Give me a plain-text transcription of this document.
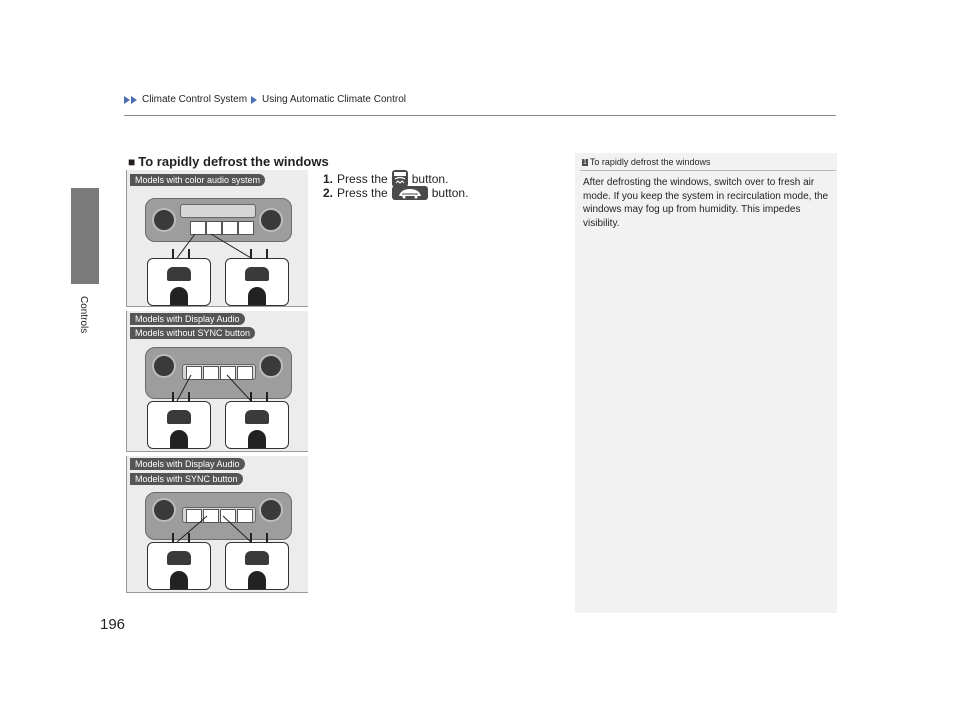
Climate Control System Using Automatic Climate Control
Controls
196
■ To rapidly defrost the windows
1. Press the button.
2. Press the	button.
Models with color audio system
Models with Display Audio
Models without SYNC button
Models with Display Audio
Models with SYNC button
1 To rapidly defrost the windows
After defrosting the windows, switch over to fresh air mode. If you keep the system in recirculation mode, the windows may fog up from humidity. This impedes visibility.
